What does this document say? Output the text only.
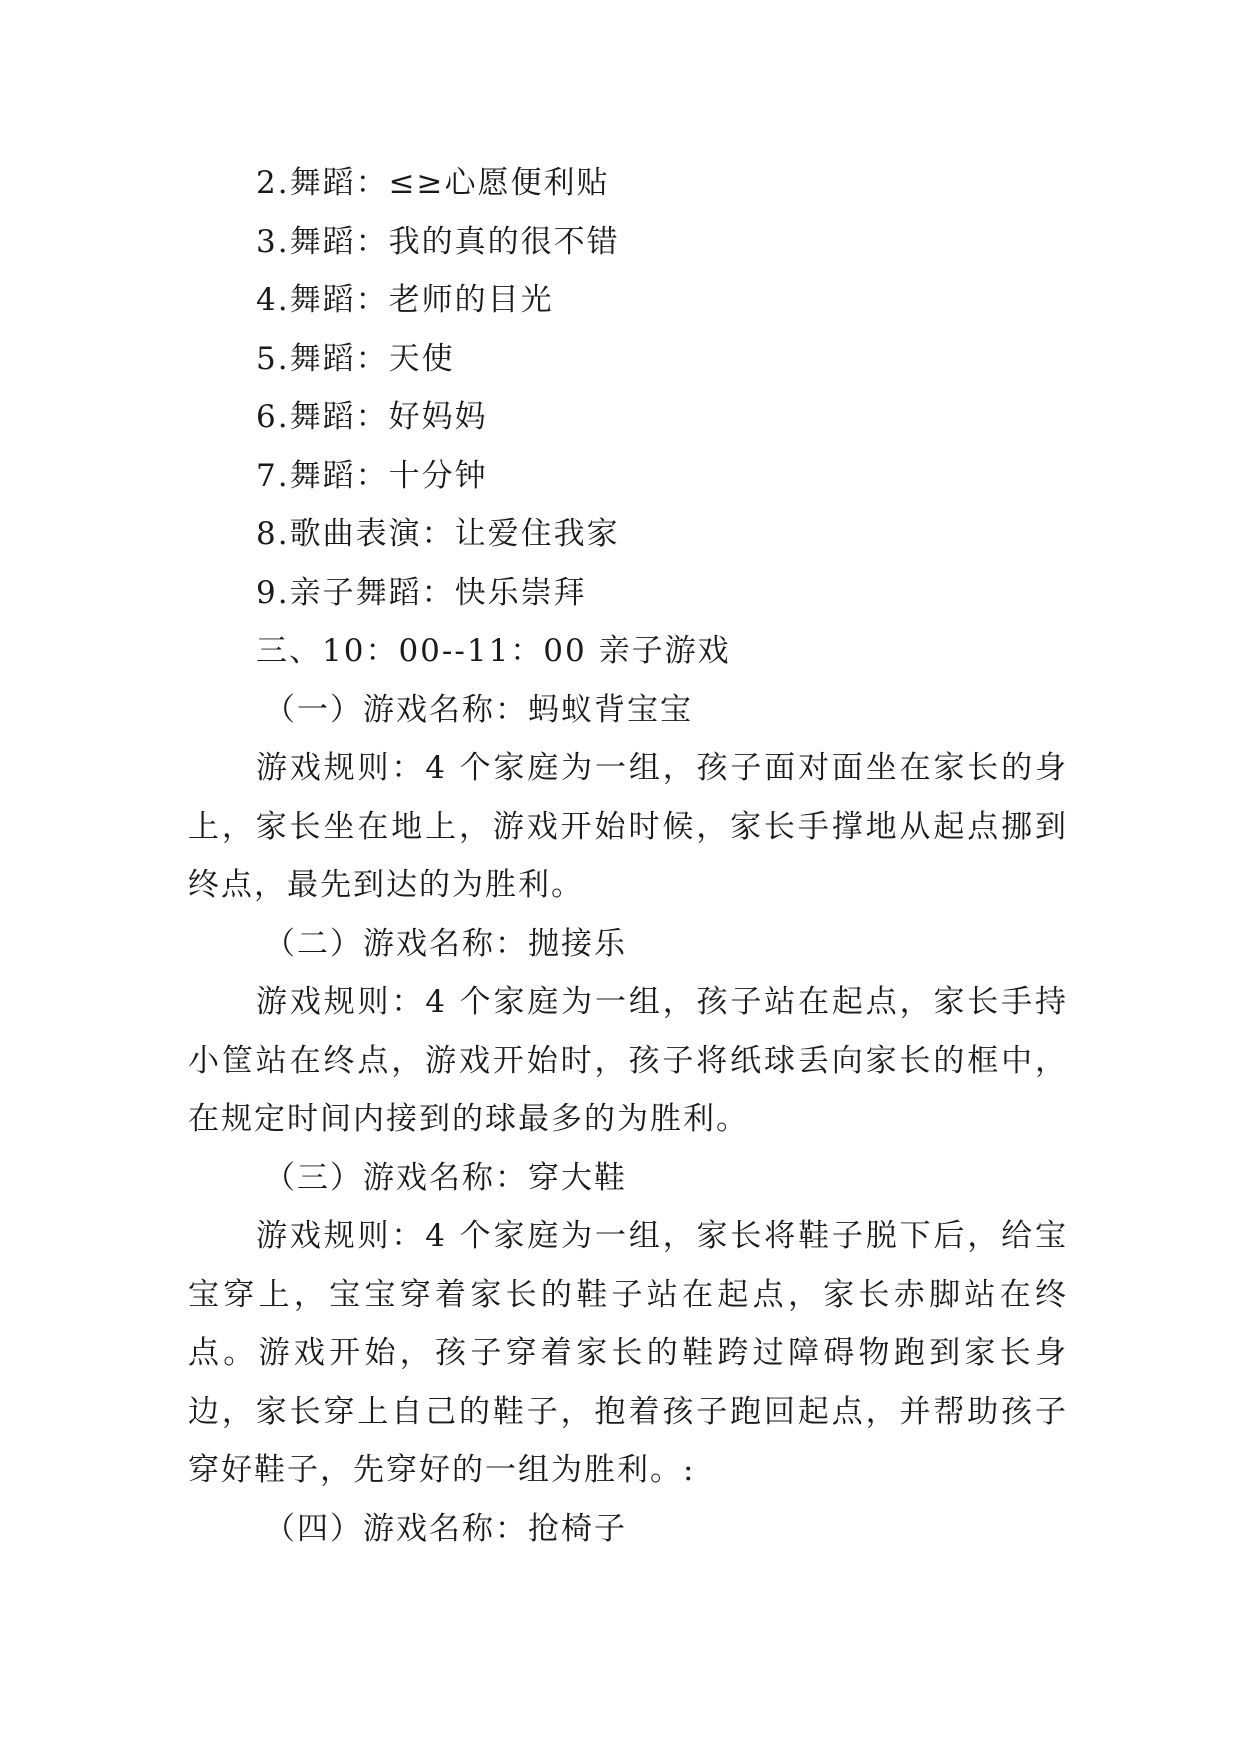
2.舞蹈：≤≥心愿便利贴
3.舞蹈：我的真的很不错
4.舞蹈：老师的目光
5.舞蹈：天使
6.舞蹈：好妈妈
7.舞蹈：十分钟
8.歌曲表演：让爱住我家
9.亲子舞蹈：快乐崇拜
三、10：00--11：00 亲子游戏
（一）游戏名称：蚂蚁背宝宝
游戏规则：4 个家庭为一组，孩子面对面坐在家长的身上，家长坐在地上，游戏开始时候，家长手撑地从起点挪到终点，最先到达的为胜利。
（二）游戏名称：抛接乐
游戏规则：4 个家庭为一组，孩子站在起点，家长手持小筐站在终点，游戏开始时，孩子将纸球丢向家长的框中，在规定时间内接到的球最多的为胜利。
（三）游戏名称：穿大鞋
游戏规则：4 个家庭为一组，家长将鞋子脱下后，给宝宝穿上，宝宝穿着家长的鞋子站在起点，家长赤脚站在终点。游戏开始，孩子穿着家长的鞋跨过障碍物跑到家长身边，家长穿上自己的鞋子，抱着孩子跑回起点，并帮助孩子穿好鞋子，先穿好的一组为胜利。:
（四）游戏名称：抢椅子
